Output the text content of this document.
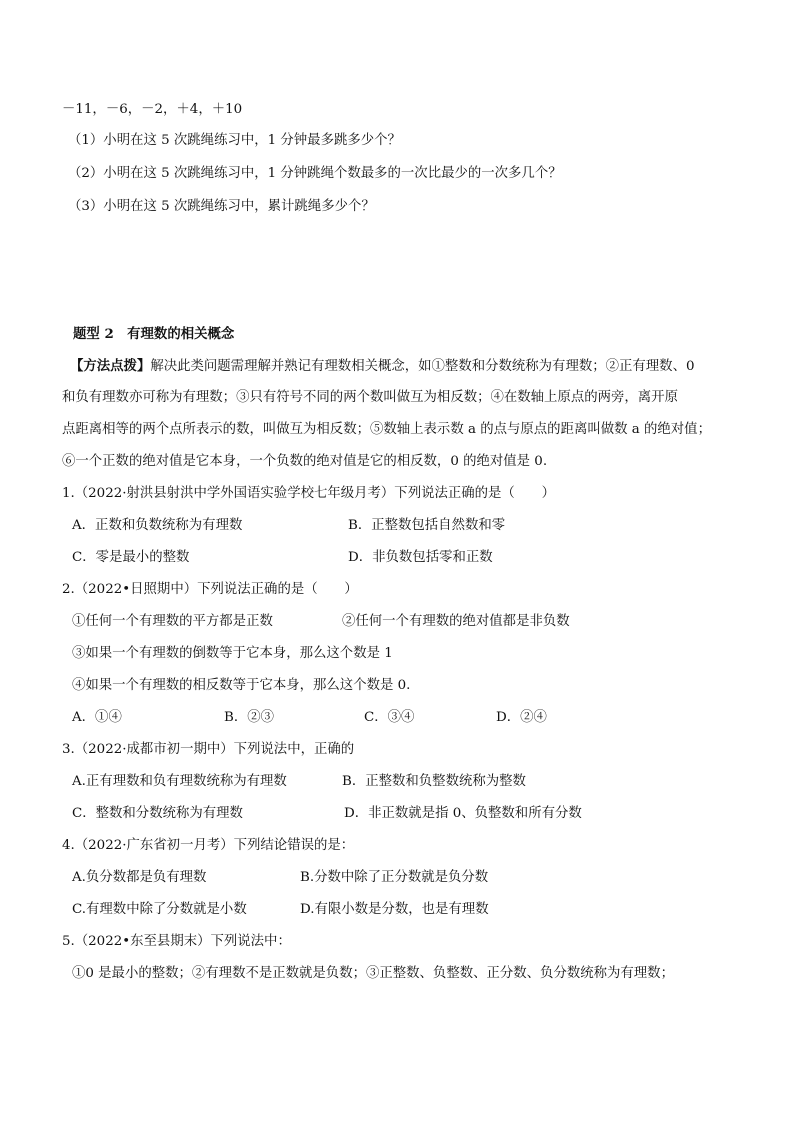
－11，－6，－2，＋4，＋10
（1）小明在这 5 次跳绳练习中，1 分钟最多跳多少个？
（2）小明在这 5 次跳绳练习中，1 分钟跳绳个数最多的一次比最少的一次多几个？
（3）小明在这 5 次跳绳练习中，累计跳绳多少个？
题型 2　有理数的相关概念
【方法点拨】解决此类问题需理解并熟记有理数相关概念，如①整数和分数统称为有理数；②正有理数、0
和负有理数亦可称为有理数；③只有符号不同的两个数叫做互为相反数；④在数轴上原点的两旁，离开原
点距离相等的两个点所表示的数，叫做互为相反数；⑤数轴上表示数 a 的点与原点的距离叫做数 a 的绝对值；
⑥一个正数的绝对值是它本身，一个负数的绝对值是它的相反数，0 的绝对值是 0.
1.（2022·射洪县射洪中学外国语实验学校七年级月考）下列说法正确的是（　　）
A．正数和负数统称为有理数	B．正整数包括自然数和零
C．零是最小的整数	D．非负数包括零和正数
2.（2022•日照期中）下列说法正确的是（　　）
①任何一个有理数的平方都是正数	②任何一个有理数的绝对值都是非负数
③如果一个有理数的倒数等于它本身，那么这个数是 1
④如果一个有理数的相反数等于它本身，那么这个数是 0.
A．①④	B．②③	C．③④	D．②④
3.（2022·成都市初一期中）下列说法中，正确的
A.正有理数和负有理数统称为有理数	B．正整数和负整数统称为整数
C．整数和分数统称为有理数	D．非正数就是指 0、负整数和所有分数
4.（2022·广东省初一月考）下列结论错误的是：
A.负分数都是负有理数	B.分数中除了正分数就是负分数
C.有理数中除了分数就是小数	D.有限小数是分数，也是有理数
5.（2022•东至县期末）下列说法中：
①0 是最小的整数；②有理数不是正数就是负数；③正整数、负整数、正分数、负分数统称为有理数；
